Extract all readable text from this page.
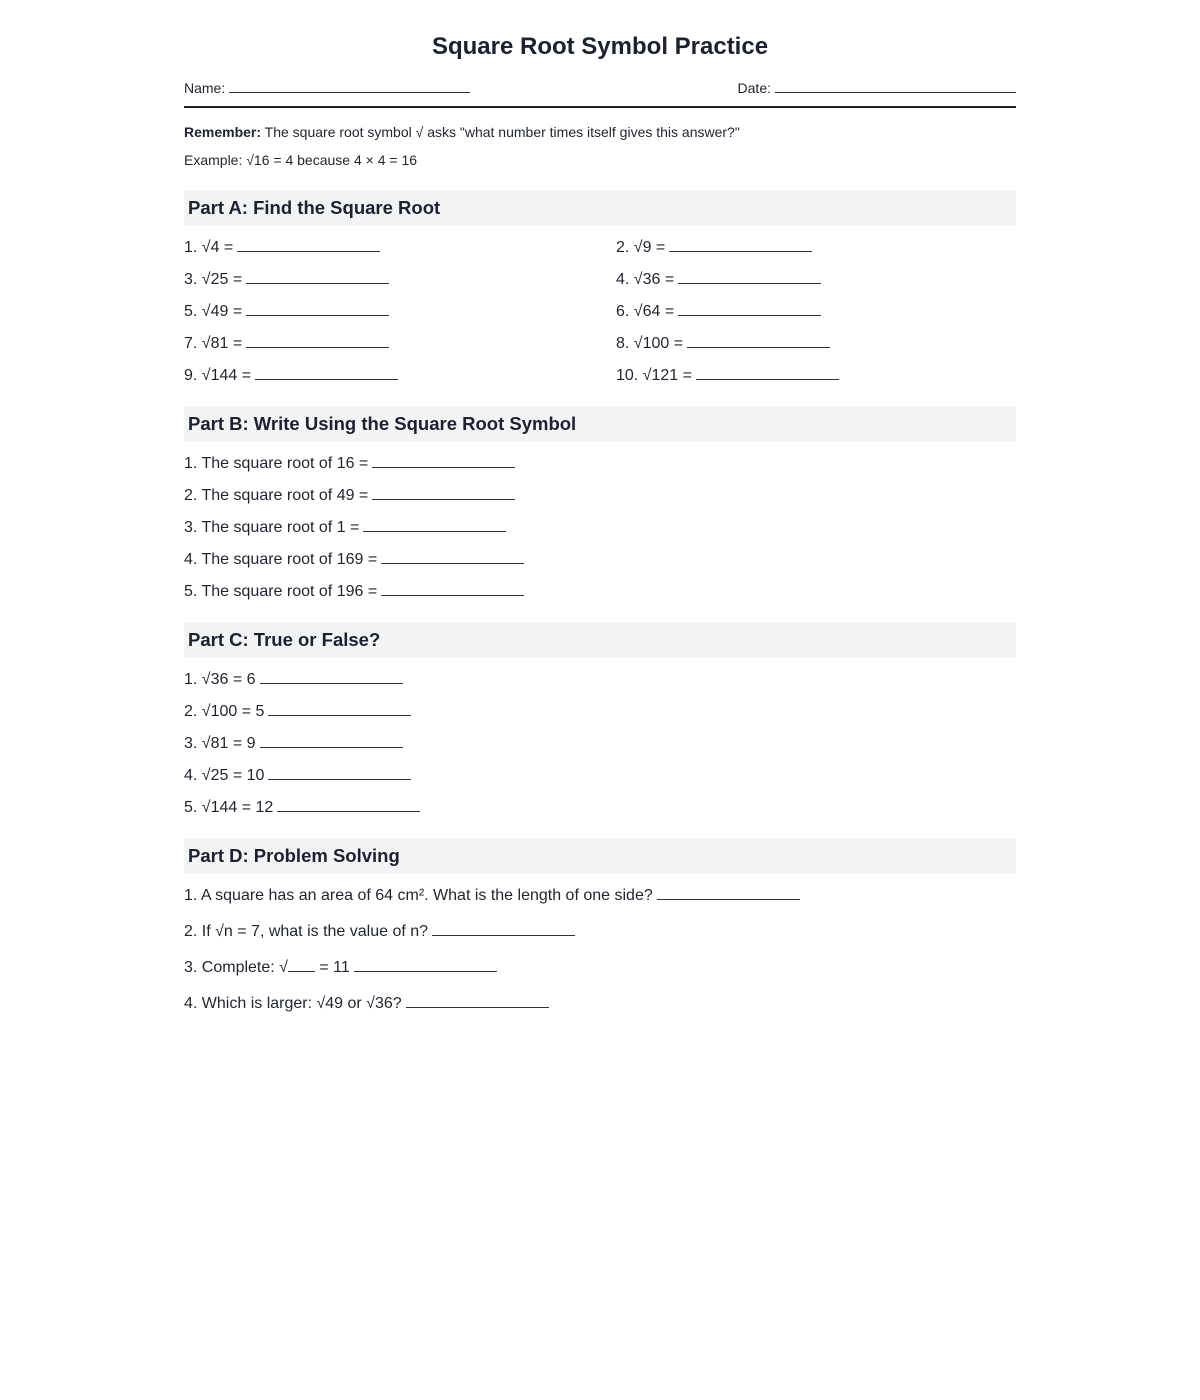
Square Root Symbol Practice
Name:	Date:
Remember: The square root symbol √ asks "what number times itself gives this answer?"
Example: √16 = 4 because 4 × 4 = 16
Part A: Find the Square Root
1. √4 =	2. √9 =
3. √25 =	4. √36 =
5. √49 =	6. √64 =
7. √81 =	8. √100 =
9. √144 =	10. √121 =
Part B: Write Using the Square Root Symbol
1. The square root of 16 =
2. The square root of 49 =
3. The square root of 1 =
4. The square root of 169 =
5. The square root of 196 =
Part C: True or False?
1. √36 = 6
2. √100 = 5
3. √81 = 9
4. √25 = 10
5. √144 = 12
Part D: Problem Solving
1. A square has an area of 64 cm². What is the length of one side?
2. If √n = 7, what is the value of n?
3. Complete: √ = 11
4. Which is larger: √49 or √36?
